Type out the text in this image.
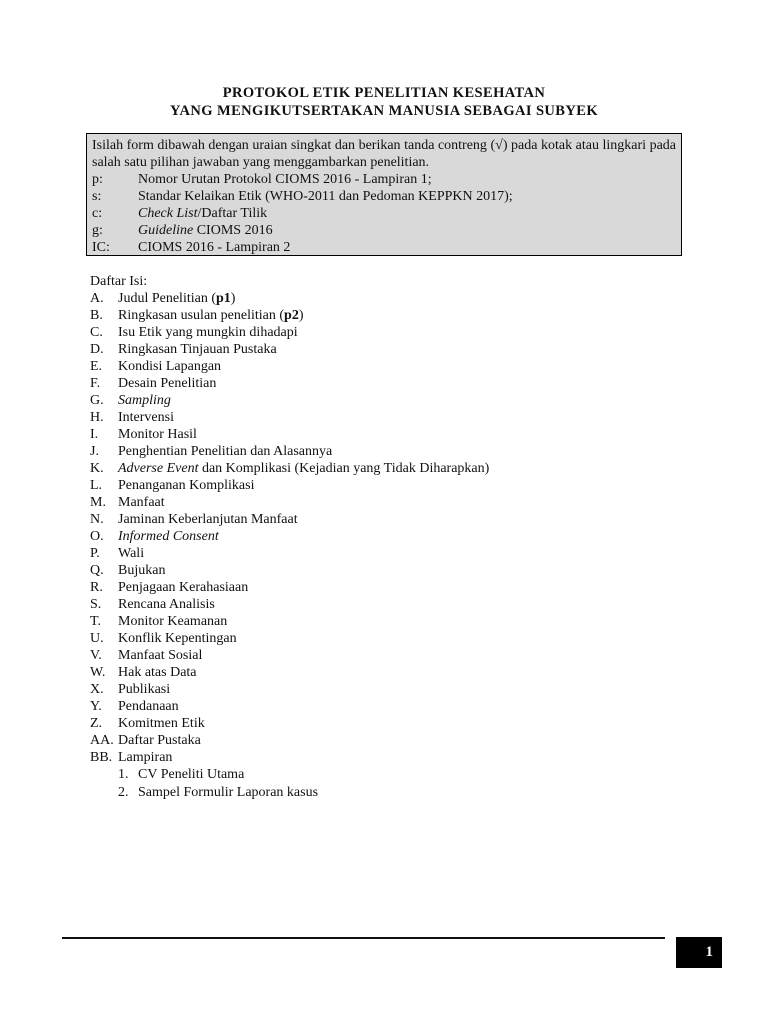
PROTOKOL ETIK PENELITIAN KESEHATAN
YANG MENGIKUTSERTAKAN MANUSIA SEBAGAI SUBYEK

Isilah form dibawah dengan uraian singkat dan berikan tanda contreng (√) pada kotak atau lingkari pada salah satu pilihan jawaban yang menggambarkan penelitian.

p:	Nomor Urutan Protokol CIOMS 2016 - Lampiran 1;
s:	Standar Kelaikan Etik (WHO-2011 dan Pedoman KEPPKN 2017);
c:	Check List/Daftar Tilik
g:	Guideline CIOMS 2016
IC:	CIOMS 2016 - Lampiran 2
Daftar Isi:
A.	Judul Penelitian (p1)
B.	Ringkasan usulan penelitian (p2)
C.	Isu Etik yang mungkin dihadapi
D.	Ringkasan Tinjauan Pustaka
E.	Kondisi Lapangan
F.	Desain Penelitian
G.	Sampling
H.	Intervensi
I.	Monitor Hasil
J.	Penghentian Penelitian dan Alasannya
K.	Adverse Event dan Komplikasi (Kejadian yang Tidak Diharapkan)
L.	Penanganan Komplikasi
M. Manfaat
N.	Jaminan Keberlanjutan Manfaat
O.	Informed Consent
P.	Wali
Q.	Bujukan
R.	Penjagaan Kerahasiaan
S.	Rencana Analisis
T.	Monitor Keamanan
U.	Konflik Kepentingan
V.	Manfaat Sosial
W. Hak atas Data
X.	Publikasi
Y.	Pendanaan
Z.	Komitmen Etik
AA. Daftar Pustaka
BB. Lampiran
1. CV Peneliti Utama
2. Sampel Formulir Laporan kasus
1
